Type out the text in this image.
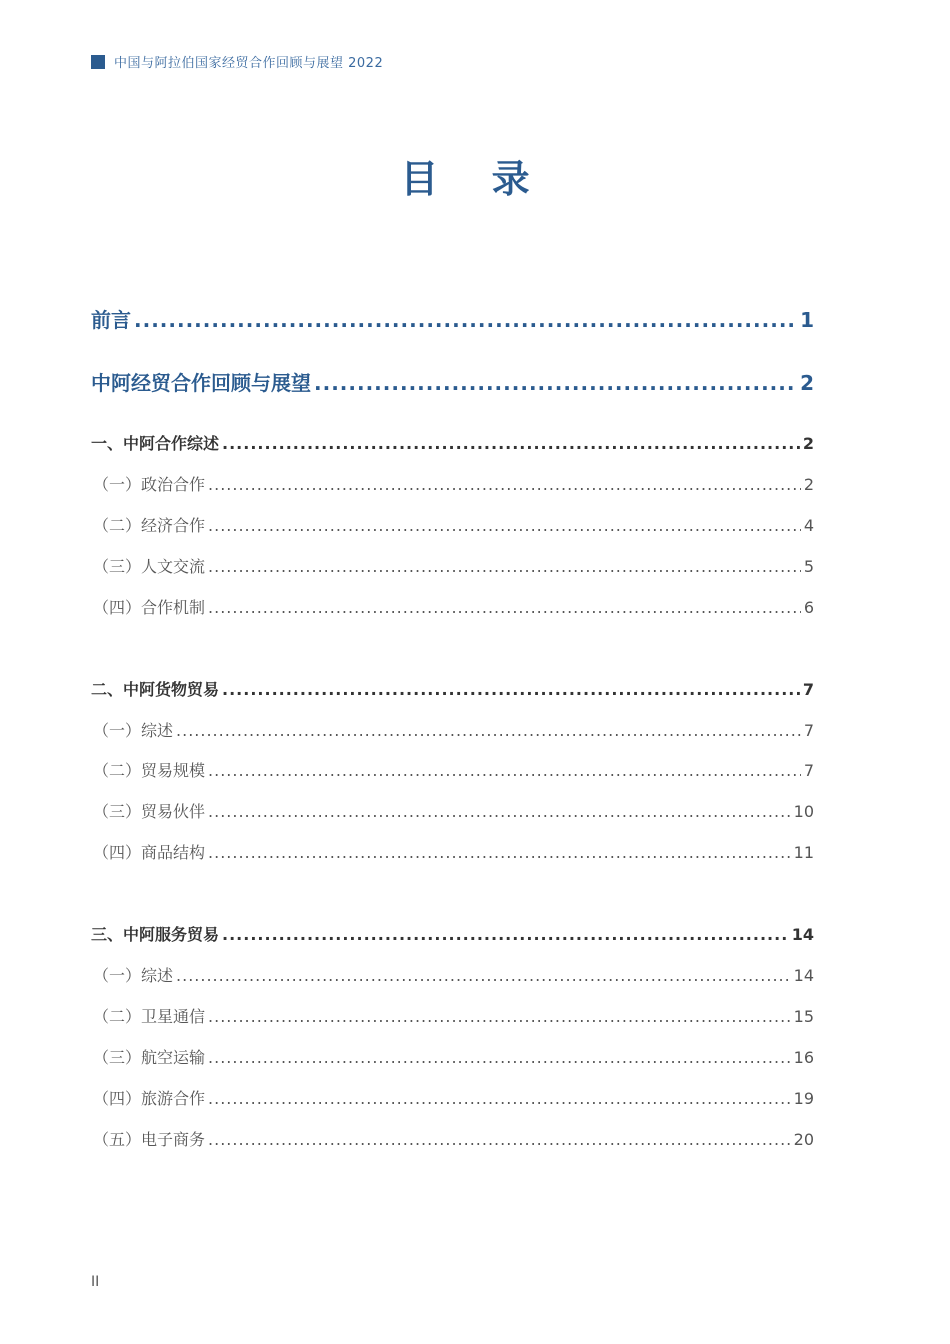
中国与阿拉伯国家经贸合作回顾与展望 2022
目 录
前言 .....	1
中阿经贸合作回顾与展望 .....	2
一、中阿合作综述 .....	2
（一）政治合作 .....	2
（二）经济合作 .....	4
（三）人文交流 .....	5
（四）合作机制 .....	6
二、中阿货物贸易 .....	7
（一）综述 .....	7
（二）贸易规模 .....	7
（三）贸易伙伴 .....	10
（四）商品结构 .....	11
三、中阿服务贸易 .....	14
（一）综述 .....	14
（二）卫星通信 .....	15
（三）航空运输 .....	16
（四）旅游合作 .....	19
（五）电子商务 .....	20
II
